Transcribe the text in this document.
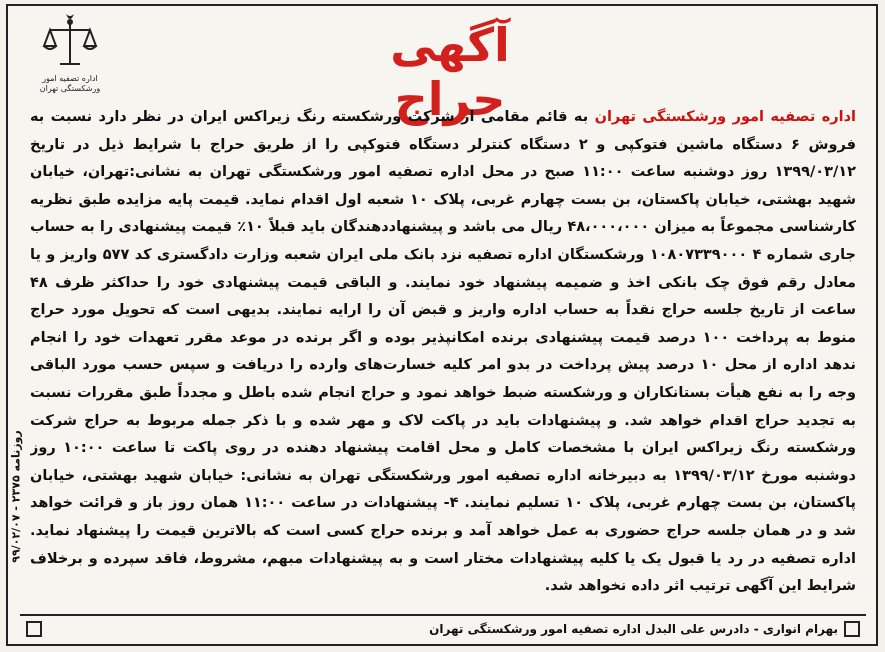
اداره تصفیه امور ورشکستگی تهران
آگهی حراج	اداره تصفیه امور ورشکستگی تهران به قائم مقامی از شرکت ورشکسته رنگ زیراکس ایران در نظر دارد نسبت به فروش ۶ دستگاه ماشین فتوکپی و ۲ دستگاه کنترلر دستگاه فتوکپی را از طریق حراج با شرایط ذیل در تاریخ ۱۳۹۹/۰۳/۱۲ روز دوشنبه ساعت ۱۱:۰۰ صبح در محل اداره تصفیه امور ورشکستگی تهران به نشانی:تهران، خیابان شهید بهشتی، خیابان پاکستان، بن بست چهارم غربی، پلاک ۱۰ شعبه اول اقدام نماید. قیمت پایه مزایده طبق نظریه کارشناسی مجموعاً به میزان ۴۸،۰۰۰،۰۰۰ ریال می باشد و پیشنهاددهندگان باید قبلاً ۱۰٪ قیمت پیشنهادی را به حساب جاری شماره ۴ ۱۰۸۰۷۳۳۹۰۰۰ ورشکستگان اداره تصفیه نزد بانک ملی ایران شعبه وزارت دادگستری کد ۵۷۷ واریز و یا معادل رقم فوق چک بانکی اخذ و ضمیمه پیشنهاد خود نمایند. و الباقی قیمت پیشنهادی خود را حداکثر ظرف ۴۸ ساعت از تاریخ جلسه حراج نقداً به حساب اداره واریز و قبض آن را ارایه نمایند. بدیهی است که تحویل مورد حراج منوط به پرداخت ۱۰۰ درصد قیمت پیشنهادی برنده امکانپذیر بوده و اگر برنده در موعد مقرر تعهدات خود را انجام ندهد اداره از محل ۱۰ درصد پیش پرداخت در بدو امر کلیه خسارت‌های وارده را دریافت و سپس حسب مورد الباقی وجه را به نفع هیأت بستانکاران و ورشکسته ضبط خواهد نمود و حراج انجام شده باطل و مجدداً طبق مقررات نسبت به تجدید حراج اقدام خواهد شد. و پیشنهادات باید در پاکت لاک و مهر شده و با ذکر جمله مربوط به حراج شرکت ورشکسته رنگ زیراکس ایران با مشخصات کامل و محل اقامت پیشنهاد دهنده در روی پاکت تا ساعت ۱۰:۰۰ روز دوشنبه مورخ ۱۳۹۹/۰۳/۱۲ به دبیرخانه اداره تصفیه امور ورشکستگی تهران به نشانی: خیابان شهید بهشتی، خیابان پاکستان، بن بست چهارم غربی، پلاک ۱۰ تسلیم نمایند. ۴- پیشنهادات در ساعت ۱۱:۰۰ همان روز باز و قرائت خواهد شد و در همان جلسه حراج حضوری به عمل خواهد آمد و برنده حراج کسی است که بالاترین قیمت را پیشنهاد نماید. اداره تصفیه در رد یا قبول یک یا کلیه پیشنهادات مختار است و به پیشنهادات مبهم، مشروط، فاقد سپرده و برخلاف شرایط این آگهی ترتیب اثر داده نخواهد شد.
روزنامه ۲۳۷۵ - ۹۹/۰۲/۰۷
بهرام انواری - دادرس علی البدل اداره تصفیه امور ورشکستگی تهران
